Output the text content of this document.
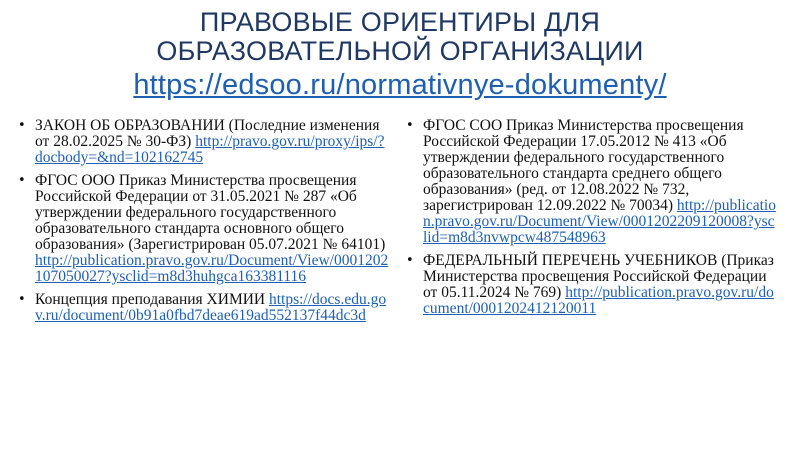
ПРАВОВЫЕ ОРИЕНТИРЫ ДЛЯ
ОБРАЗОВАТЕЛЬНОЙ ОРГАНИЗАЦИИ
https://edsoo.ru/normativnye-dokumenty/
• ЗАКОН ОБ ОБРАЗОВАНИИ (Последние изменения от 28.02.2025 № 30-ФЗ) http://pravo.gov.ru/proxy/ips/?docbody=&nd=102162745
• ФГОС ООО Приказ Министерства просвещения Российской Федерации от 31.05.2021 № 287 «Об утверждении федерального государственного образовательного стандарта основного общего образования» (Зарегистрирован 05.07.2021 № 64101) http://publication.pravo.gov.ru/Document/View/0001202107050027?ysclid=m8d3huhgca163381116
• Концепция преподавания ХИМИИ https://docs.edu.gov.ru/document/0b91a0fbd7deae619ad552137f44dc3d
• ФГОС СОО Приказ Министерства просвещения Российской Федерации 17.05.2012 № 413 «Об утверждении федерального государственного образовательного стандарта среднего общего образования» (ред. от 12.08.2022 № 732, зарегистрирован 12.09.2022 № 70034) http://publication.pravo.gov.ru/Document/View/0001202209120008?ysclid=m8d3nvwpcw487548963
• ФЕДЕРАЛЬНЫЙ ПЕРЕЧЕНЬ УЧЕБНИКОВ (Приказ Министерства просвещения Российской Федерации от 05.11.2024 № 769) http://publication.pravo.gov.ru/document/0001202412120011
